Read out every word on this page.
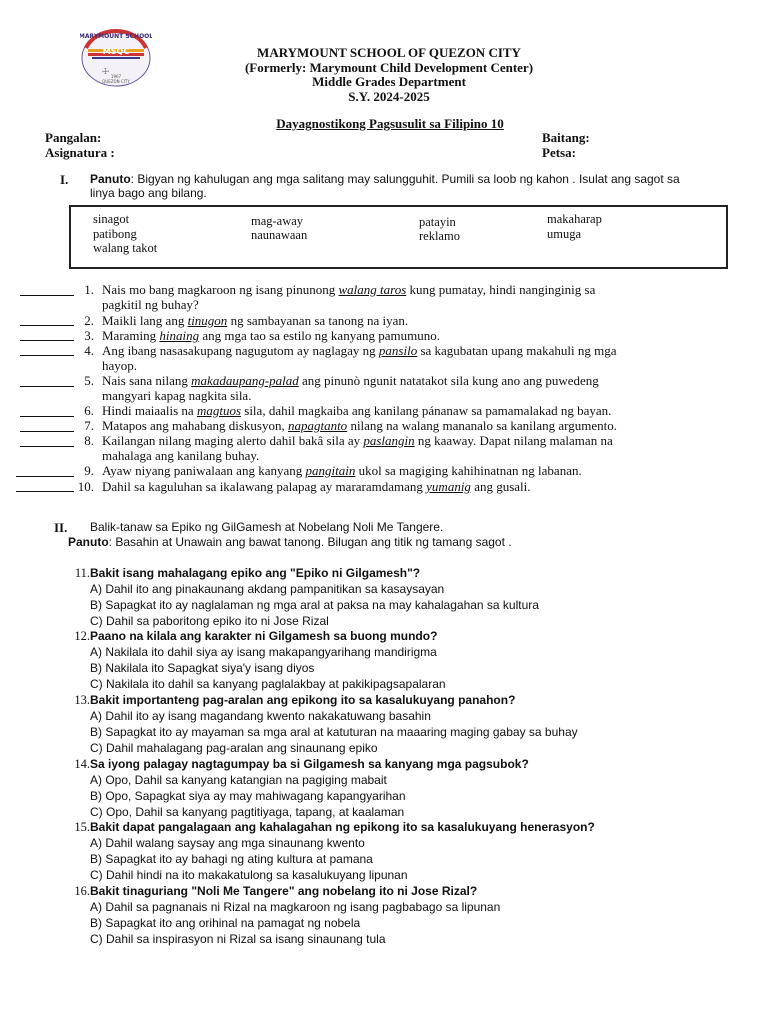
MARYMOUNT SCHOOL
MSQC
☩
1967
QUEZON CITY
MARYMOUNT SCHOOL OF QUEZON CITY
(Formerly: Marymount Child Development Center)
Middle Grades Department
S.Y. 2024-2025
Dayagnostikong Pagsusulit sa Filipino 10
Pangalan:
Asignatura :
Baitang:
Petsa:
I. Panuto: Bigyan ng kahulugan ang mga salitang may salungguhit. Pumili sa loob ng kahon . Isulat ang sagot sa
linya bago ang bilang.
sinagot
patibong
walang takot
mag-away
naunawaan
patayin
reklamo
makaharap
umuga
1. Nais mo bang magkaroon ng isang pinunong walang taros kung pumatay, hindi nanginginig sa
pagkitil ng buhay?
2. Maikli lang ang tinugon ng sambayanan sa tanong na iyan.
3. Maraming hinaing ang mga tao sa estilo ng kanyang pamumuno.
4. Ang ibang nasasakupang nagugutom ay naglagay ng pansilo sa kagubatan upang makahuli ng mga
hayop.
5. Nais sana nilang makadaupang-palad ang pinunò ngunit natatakot sila kung ano ang puwedeng
mangyari kapag nagkita sila.
6. Hindi maiaalis na magtuos sila, dahil magkaiba ang kanilang pánanaw sa pamamalakad ng bayan.
7. Matapos ang mahabang diskusyon, napagtanto nilang na walang mananalo sa kanilang argumento.
8. Kailangan nilang maging alerto dahil bakâ sila ay paslangin ng kaaway. Dapat nilang malaman na
mahalaga ang kanilang buhay.
9. Ayaw niyang paniwalaan ang kanyang pangitain ukol sa magiging kahihinatnan ng labanan.
10. Dahil sa kaguluhan sa ikalawang palapag ay mararamdamang yumanig ang gusali.
II. Balik-tanaw sa Epiko ng GilGamesh at Nobelang Noli Me Tangere.
Panuto: Basahin at Unawain ang bawat tanong. Bilugan ang titik ng tamang sagot .
11. Bakit isang mahalagang epiko ang "Epiko ni Gilgamesh"?
A) Dahil ito ang pinakaunang akdang pampanitikan sa kasaysayan
B) Sapagkat ito ay naglalaman ng mga aral at paksa na may kahalagahan sa kultura
C) Dahil sa paboritong epiko ito ni Jose Rizal
12. Paano na kilala ang karakter ni Gilgamesh sa buong mundo?
A) Nakilala ito dahil siya ay isang makapangyarihang mandirigma
B) Nakilala ito Sapagkat siya'y isang diyos
C) Nakilala ito dahil sa kanyang paglalakbay at pakikipagsapalaran
13. Bakit importanteng pag-aralan ang epikong ito sa kasalukuyang panahon?
A) Dahil ito ay isang magandang kwento nakakatuwang basahin
B) Sapagkat ito ay mayaman sa mga aral at katuturan na maaaring maging gabay sa buhay
C) Dahil mahalagang pag-aralan ang sinaunang epiko
14. Sa iyong palagay nagtagumpay ba si Gilgamesh sa kanyang mga pagsubok?
A) Opo, Dahil sa kanyang katangian na pagiging mabait
B) Opo, Sapagkat siya ay may mahiwagang kapangyarihan
C) Opo, Dahil sa kanyang pagtitiyaga, tapang, at kaalaman
15. Bakit dapat pangalagaan ang kahalagahan ng epikong ito sa kasalukuyang henerasyon?
A) Dahil walang saysay ang mga sinaunang kwento
B) Sapagkat ito ay bahagi ng ating kultura at pamana
C) Dahil hindi na ito makakatulong sa kasalukuyang lipunan
16. Bakit tinaguriang "Noli Me Tangere" ang nobelang ito ni Jose Rizal?
A) Dahil sa pagnanais ni Rizal na magkaroon ng isang pagbabago sa lipunan
B) Sapagkat ito ang orihinal na pamagat ng nobela
C) Dahil sa inspirasyon ni Rizal sa isang sinaunang tula
